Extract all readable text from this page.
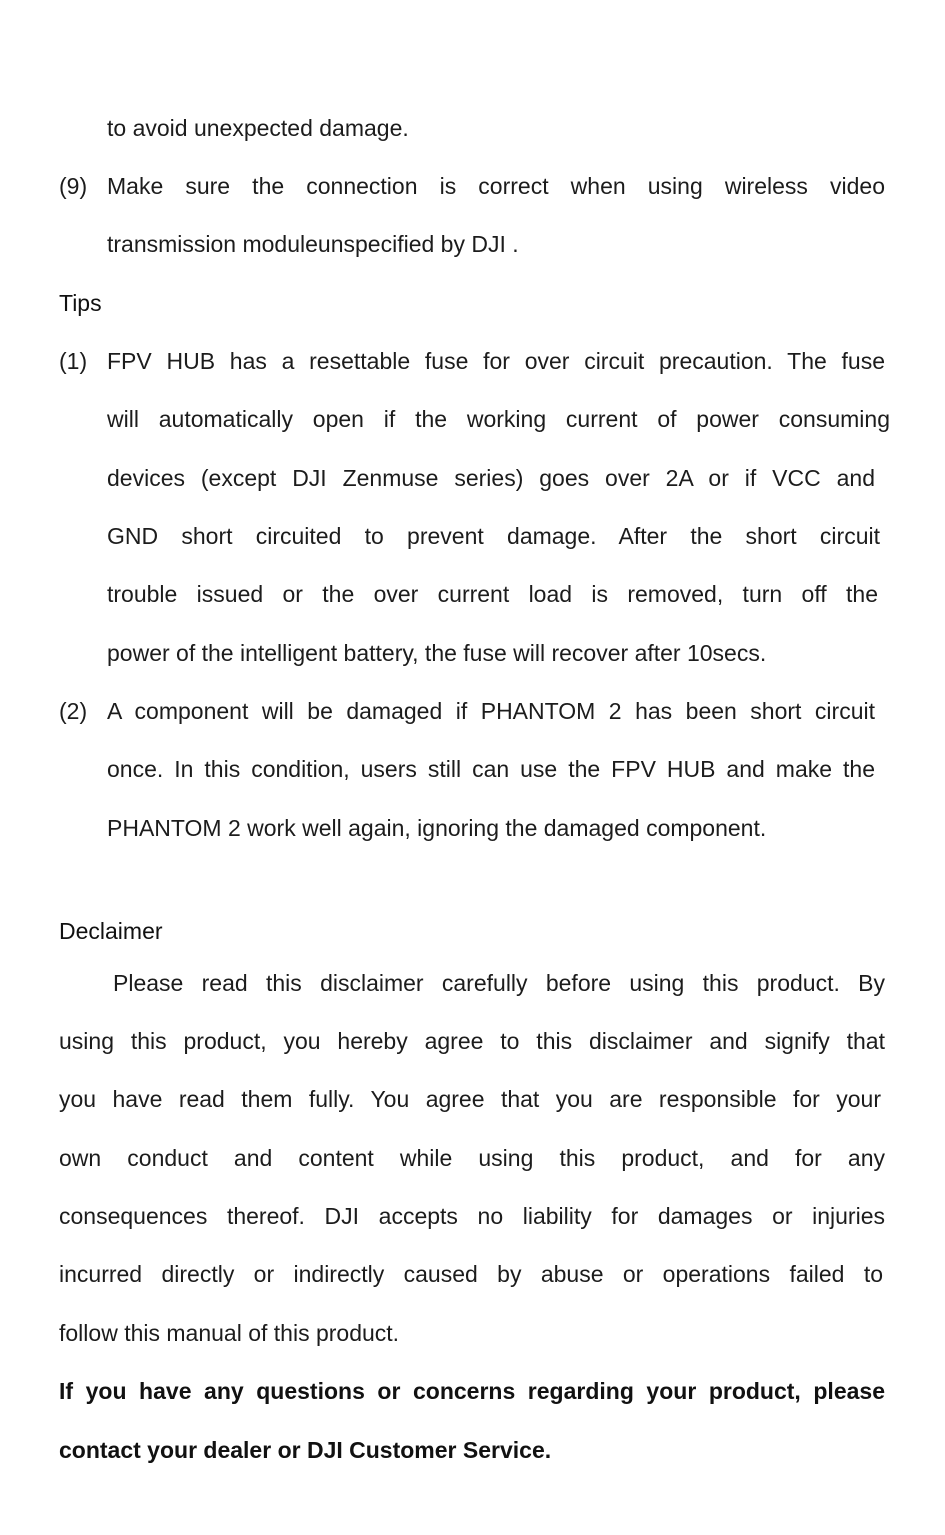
to avoid unexpected damage.
(9) Make sure the connection is correct when using wireless video
transmission moduleunspecified by DJI .
Tips
(1) FPV HUB has a resettable fuse for over circuit precaution. The fuse
will automatically open if the working current of power consuming
devices (except DJI Zenmuse series) goes over 2A or if VCC and
GND short circuited to prevent damage. After the short circuit
trouble issued or the over current load is removed, turn off the
power of the intelligent battery, the fuse will recover after 10secs.
(2) A component will be damaged if PHANTOM 2 has been short circuit
once. In this condition, users still can use the FPV HUB and make the
PHANTOM 2 work well again, ignoring the damaged component.
Declaimer
Please read this disclaimer carefully before using this product. By
using this product, you hereby agree to this disclaimer and signify that
you have read them fully. You agree that you are responsible for your
own conduct and content while using this product, and for any
consequences thereof. DJI accepts no liability for damages or injuries
incurred directly or indirectly caused by abuse or operations failed to
follow this manual of this product.
If you have any questions or concerns regarding your product, please
contact your dealer or DJI Customer Service.
